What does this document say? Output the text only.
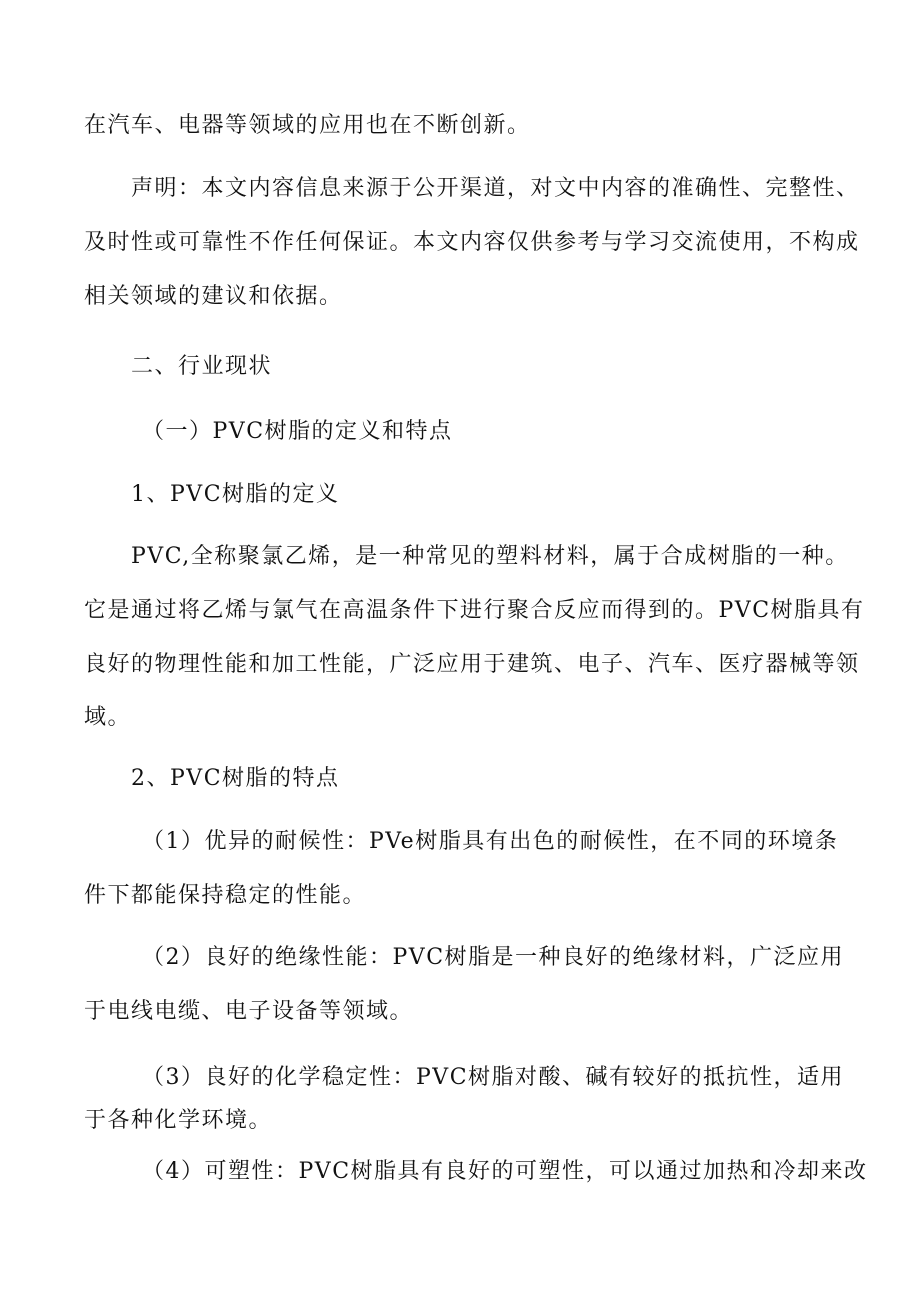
在汽车、电器等领域的应用也在不断创新。
声明：本文内容信息来源于公开渠道，对文中内容的准确性、完整性、
及时性或可靠性不作任何保证。本文内容仅供参考与学习交流使用，不构成
相关领域的建议和依据。
二、行业现状
（一）PVC树脂的定义和特点
1、PVC树脂的定义
PVC,全称聚氯乙烯，是一种常见的塑料材料，属于合成树脂的一种。
它是通过将乙烯与氯气在高温条件下进行聚合反应而得到的。PVC树脂具有
良好的物理性能和加工性能，广泛应用于建筑、电子、汽车、医疗器械等领
域。
2、PVC树脂的特点
（1）优异的耐候性：PVe树脂具有出色的耐候性，在不同的环境条
件下都能保持稳定的性能。
（2）良好的绝缘性能：PVC树脂是一种良好的绝缘材料，广泛应用
于电线电缆、电子设备等领域。
（3）良好的化学稳定性：PVC树脂对酸、碱有较好的抵抗性，适用
于各种化学环境。
（4）可塑性：PVC树脂具有良好的可塑性，可以通过加热和冷却来改
